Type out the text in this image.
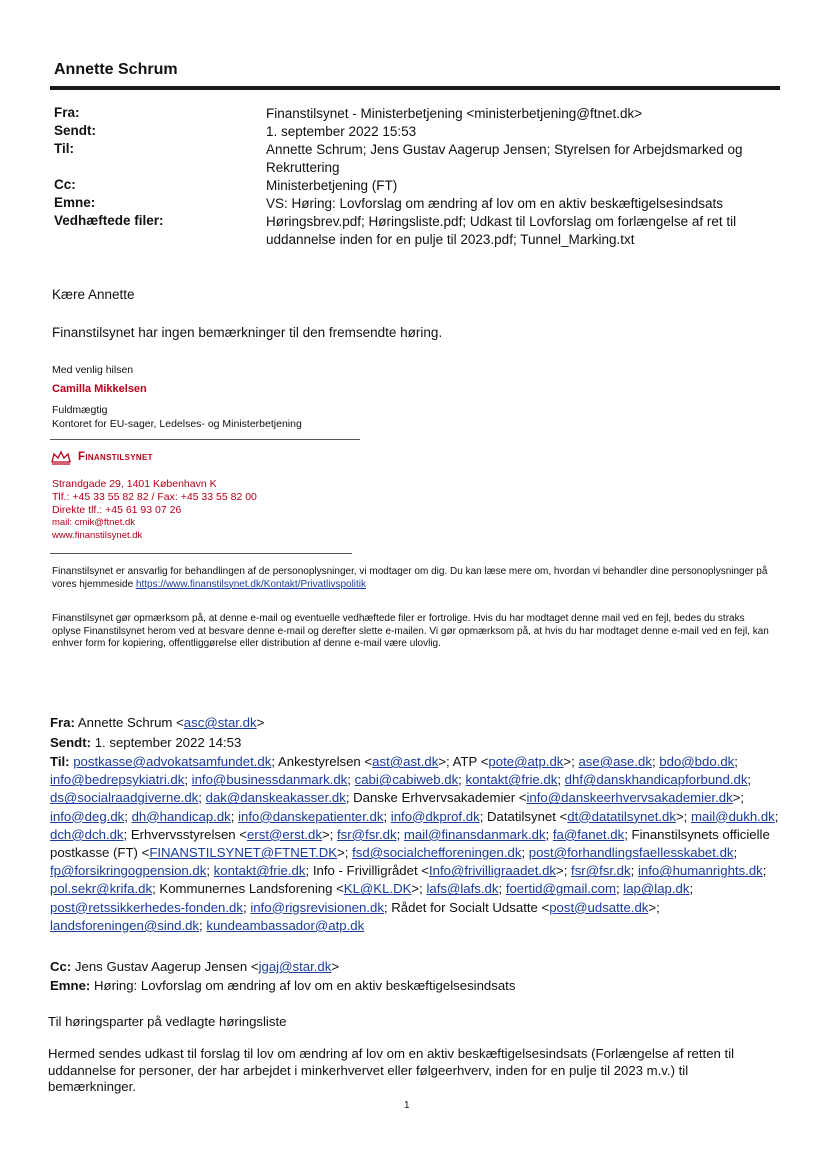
Annette Schrum
Fra:
Sendt:
Til:
Cc:
Emne:
Vedhæftede filer:
Finanstilsynet - Ministerbetjening <ministerbetjening@ftnet.dk>
1. september 2022 15:53
Annette Schrum; Jens Gustav Aagerup Jensen; Styrelsen for Arbejdsmarked og Rekruttering
Ministerbetjening (FT)
VS: Høring: Lovforslag om ændring af lov om en aktiv beskæftigelsesindsats
Høringsbrev.pdf; Høringsliste.pdf; Udkast til Lovforslag om forlængelse af ret til uddannelse inden for en pulje til 2023.pdf; Tunnel_Marking.txt
Kære Annette
Finanstilsynet har ingen bemærkninger til den fremsendte høring.
Med venlig hilsen
Camilla Mikkelsen
Fuldmægtig
Kontoret for EU-sager, Ledelses- og Ministerbetjening
Finanstilsynet
Strandgade 29, 1401 København K
Tlf.: +45 33 55 82 82 / Fax: +45 33 55 82 00
Direkte tlf.: +45 61 93 07 26
mail: cmik@ftnet.dk
www.finanstilsynet.dk
Finanstilsynet er ansvarlig for behandlingen af de personoplysninger, vi modtager om dig. Du kan læse mere om, hvordan vi behandler dine personoplysninger på vores hjemmeside https://www.finanstilsynet.dk/Kontakt/Privatlivspolitik
Finanstilsynet gør opmærksom på, at denne e-mail og eventuelle vedhæftede filer er fortrolige. Hvis du har modtaget denne mail ved en fejl, bedes du straks oplyse Finanstilsynet herom ved at besvare denne e-mail og derefter slette e-mailen. Vi gør opmærksom på, at hvis du har modtaget denne e-mail ved en fejl, kan enhver form for kopiering, offentliggørelse eller distribution af denne e-mail være ulovlig.
Fra: Annette Schrum <asc@star.dk>
Sendt: 1. september 2022 14:53
Til: postkasse@advokatsamfundet.dk; Ankestyrelsen <ast@ast.dk>; ATP <pote@atp.dk>; ase@ase.dk; bdo@bdo.dk; info@bedrepsykiatri.dk; info@businessdanmark.dk; cabi@cabiweb.dk; kontakt@frie.dk; dhf@danskhandicapforbund.dk; ds@socialraadgiverne.dk; dak@danskeakasser.dk; Danske Erhvervsakademier <info@danskeerhvervsakademier.dk>; info@deg.dk; dh@handicap.dk; info@danskepatienter.dk; info@dkprof.dk; Datatilsynet <dt@datatilsynet.dk>; mail@dukh.dk; dch@dch.dk; Erhvervsstyrelsen <erst@erst.dk>; fsr@fsr.dk; mail@finansdanmark.dk; fa@fanet.dk; Finanstilsynets officielle postkasse (FT) <FINANSTILSYNET@FTNET.DK>; fsd@socialchefforeningen.dk; post@forhandlingsfaellesskabet.dk; fp@forsikringogpension.dk; kontakt@frie.dk; Info - Frivilligrådet <Info@frivilligraadet.dk>; fsr@fsr.dk; info@humanrights.dk; pol.sekr@krifa.dk; Kommunernes Landsforening <KL@KL.DK>; lafs@lafs.dk; foertid@gmail.com; lap@lap.dk; post@retssikkerhedes-fonden.dk; info@rigsrevisionen.dk; Rådet for Socialt Udsatte <post@udsatte.dk>; landsforeningen@sind.dk; kundeambassador@atp.dk
Cc: Jens Gustav Aagerup Jensen <jgaj@star.dk>
Emne: Høring: Lovforslag om ændring af lov om en aktiv beskæftigelsesindsats
Til høringsparter på vedlagte høringsliste
Hermed sendes udkast til forslag til lov om ændring af lov om en aktiv beskæftigelsesindsats (Forlængelse af retten til uddannelse for personer, der har arbejdet i minkerhvervet eller følgeerhverv, inden for en pulje til 2023 m.v.) til bemærkninger.
1
